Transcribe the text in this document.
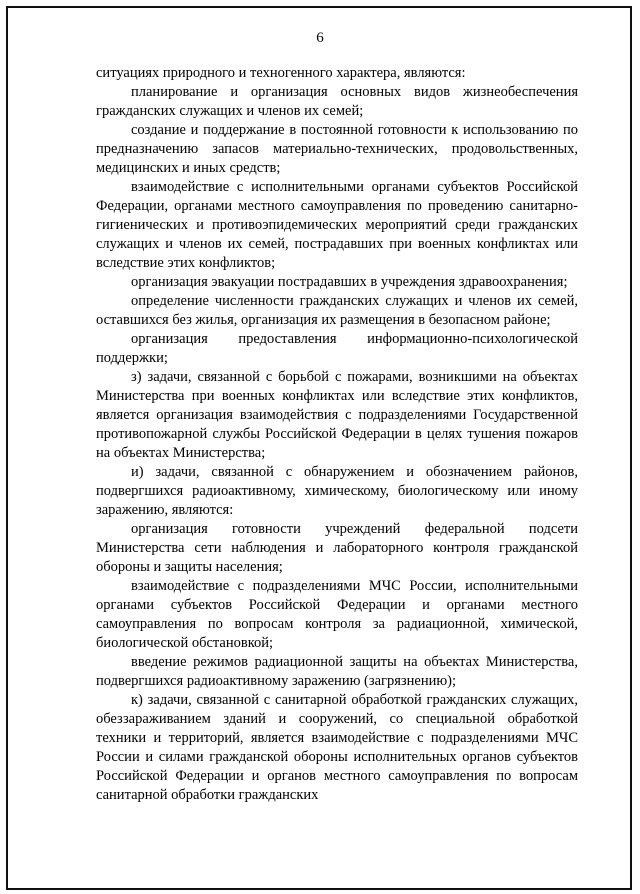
6

ситуациях природного и техногенного характера, являются:

планирование и организация основных видов жизнеобеспечения гражданских служащих и членов их семей;

создание и поддержание в постоянной готовности к использованию по предназначению запасов материально-технических, продовольственных, медицинских и иных средств;

взаимодействие с исполнительными органами субъектов Российской Федерации, органами местного самоуправления по проведению санитарно-гигиенических и противоэпидемических мероприятий среди гражданских служащих и членов их семей, пострадавших при военных конфликтах или вследствие этих конфликтов;

организация эвакуации пострадавших в учреждения здравоохранения;

определение численности гражданских служащих и членов их семей, оставшихся без жилья, организация их размещения в безопасном районе;

организация предоставления информационно-психологической поддержки;

з) задачи, связанной с борьбой с пожарами, возникшими на объектах Министерства при военных конфликтах или вследствие этих конфликтов, является организация взаимодействия с подразделениями Государственной противопожарной службы Российской Федерации в целях тушения пожаров на объектах Министерства;

и) задачи, связанной с обнаружением и обозначением районов, подвергшихся радиоактивному, химическому, биологическому или иному заражению, являются:

организация готовности учреждений федеральной подсети Министерства сети наблюдения и лабораторного контроля гражданской обороны и защиты населения;

взаимодействие с подразделениями МЧС России, исполнительными органами субъектов Российской Федерации и органами местного самоуправления по вопросам контроля за радиационной, химической, биологической обстановкой;

введение режимов радиационной защиты на объектах Министерства, подвергшихся радиоактивному заражению (загрязнению);

к) задачи, связанной с санитарной обработкой гражданских служащих, обеззараживанием зданий и сооружений, со специальной обработкой техники и территорий, является взаимодействие с подразделениями МЧС России и силами гражданской обороны исполнительных органов субъектов Российской Федерации и органов местного самоуправления по вопросам санитарной обработки гражданских
